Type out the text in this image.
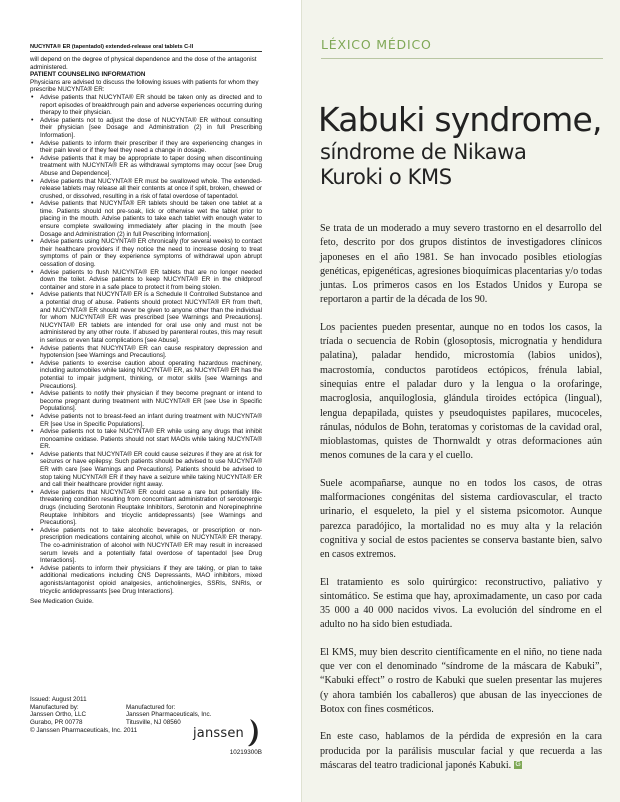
NUCYNTA® ER (tapentadol) extended-release oral tablets C-II

will depend on the degree of physical dependence and the dose of the antagonist administered.

PATIENT COUNSELING INFORMATION

Physicians are advised to discuss the following issues with patients for whom they prescribe NUCYNTA® ER:

• Advise patients that NUCYNTA® ER should be taken only as directed and to report episodes of breakthrough pain and adverse experiences occurring during therapy to their physician.
• Advise patients not to adjust the dose of NUCYNTA® ER without consulting their physician [see Dosage and Administration (2) in full Prescribing Information].
• Advise patients to inform their prescriber if they are experiencing changes in their pain level or if they feel they need a change in dosage.
• Advise patients that it may be appropriate to taper dosing when discontinuing treatment with NUCYNTA® ER as withdrawal symptoms may occur [see Drug Abuse and Dependence].
• Advise patients that NUCYNTA® ER must be swallowed whole. The extended-release tablets may release all their contents at once if split, broken, chewed or crushed, or dissolved, resulting in a risk of fatal overdose of tapentadol.
• Advise patients that NUCYNTA® ER tablets should be taken one tablet at a time. Patients should not pre-soak, lick or otherwise wet the tablet prior to placing in the mouth. Advise patients to take each tablet with enough water to ensure complete swallowing immediately after placing in the mouth [see Dosage and Administration (2) in full Prescribing Information].
• Advise patients using NUCYNTA® ER chronically (for several weeks) to contact their healthcare providers if they notice the need to increase dosing to treat symptoms of pain or they experience symptoms of withdrawal upon abrupt cessation of dosing.
• Advise patients to flush NUCYNTA® ER tablets that are no longer needed down the toilet. Advise patients to keep NUCYNTA® ER in the childproof container and store in a safe place to protect it from being stolen.
• Advise patients that NUCYNTA® ER is a Schedule II Controlled Substance and a potential drug of abuse. Patients should protect NUCYNTA® ER from theft, and NUCYNTA® ER should never be given to anyone other than the individual for whom NUCYNTA® ER was prescribed [see Warnings and Precautions]. NUCYNTA® ER tablets are intended for oral use only and must not be administered by any other route. If abused by parenteral routes, this may result in serious or even fatal complications [see Abuse].
• Advise patients that NUCYNTA® ER can cause respiratory depression and hypotension [see Warnings and Precautions].
• Advise patients to exercise caution about operating hazardous machinery, including automobiles while taking NUCYNTA® ER, as NUCYNTA® ER has the potential to impair judgment, thinking, or motor skills [see Warnings and Precautions].
• Advise patients to notify their physician if they become pregnant or intend to become pregnant during treatment with NUCYNTA® ER [see Use in Specific Populations].
• Advise patients not to breast-feed an infant during treatment with NUCYNTA® ER [see Use in Specific Populations].
• Advise patients not to take NUCYNTA® ER while using any drugs that inhibit monoamine oxidase. Patients should not start MAOIs while taking NUCYNTA® ER.
• Advise patients that NUCYNTA® ER could cause seizures if they are at risk for seizures or have epilepsy. Such patients should be advised to use NUCYNTA® ER with care [see Warnings and Precautions]. Patients should be advised to stop taking NUCYNTA® ER if they have a seizure while taking NUCYNTA® ER and call their healthcare provider right away.
• Advise patients that NUCYNTA® ER could cause a rare but potentially life-threatening condition resulting from concomitant administration of serotonergic drugs (including Serotonin Reuptake Inhibitors, Serotonin and Norepinephrine Reuptake Inhibitors and tricyclic antidepressants) [see Warnings and Precautions].
• Advise patients not to take alcoholic beverages, or prescription or non-prescription medications containing alcohol, while on NUCYNTA® ER therapy. The co-administration of alcohol with NUCYNTA® ER may result in increased serum levels and a potentially fatal overdose of tapentadol [see Drug Interactions].
• Advise patients to inform their physicians if they are taking, or plan to take additional medications including CNS Depressants, MAO inhibitors, mixed agonists/antagonist opioid analgesics, anticholinergics, SSRIs, SNRIs, or tricyclic antidepressants [see Drug Interactions].

See Medication Guide.

Issued: August 2011
Manufactured by:
Janssen Ortho, LLC
Gurabo, PR 00778
Manufactured for:
Janssen Pharmaceuticals, Inc.
Titusville, NJ 08560
© Janssen Pharmaceuticals, Inc. 2011
10219300B
janssen
LÉXICO MÉDICO
Kabuki syndrome,
síndrome de Nikawa
Kuroki o KMS

Se trata de un moderado a muy severo trastorno en el desarrollo del feto, descrito por dos grupos distintos de investigadores clínicos japoneses en el año 1981. Se han invocado posibles etiologías genéticas, epigenéticas, agresiones bioquímicas placentarias y/o todas juntas. Los primeros casos en los Estados Unidos y Europa se reportaron a partir de la década de los 90.

Los pacientes pueden presentar, aunque no en todos los casos, la tríada o secuencia de Robin (glosoptosis, micrognatia y hendidura palatina), paladar hendido, microstomía (labios unidos), macrostomía, conductos parotídeos ectópicos, frénula labial, sinequias entre el paladar duro y la lengua o la orofaringe, macroglosia, anquiloglosia, glándula tiroides ectópica (lingual), lengua depapilada, quistes y pseudoquistes papilares, mucoceles, ránulas, nódulos de Bohn, teratomas y coristomas de la cavidad oral, mioblastomas, quistes de Thornwaldt y otras deformaciones aún menos comunes de la cara y el cuello.

Suele acompañarse, aunque no en todos los casos, de otras malformaciones congénitas del sistema cardiovascular, el tracto urinario, el esqueleto, la piel y el sistema psicomotor. Aunque parezca paradójico, la mortalidad no es muy alta y la relación cognitiva y social de estos pacientes se conserva bastante bien, salvo en casos extremos.

El tratamiento es solo quirúrgico: reconstructivo, paliativo y sintomático. Se estima que hay, aproximadamente, un caso por cada 35 000 a 40 000 nacidos vivos. La evolución del síndrome en el adulto no ha sido bien estudiada.

El KMS, muy bien descrito científicamente en el niño, no tiene nada que ver con el denominado “síndrome de la máscara de Kabuki”, “Kabuki effect” o rostro de Kabuki que suelen presentar las mujeres (y ahora también los caballeros) que abusan de las inyecciones de Botox con fines cosméticos.

En este caso, hablamos de la pérdida de expresión en la cara producida por la parálisis muscular facial y que recuerda a las máscaras del teatro tradicional japonés Kabuki. G
